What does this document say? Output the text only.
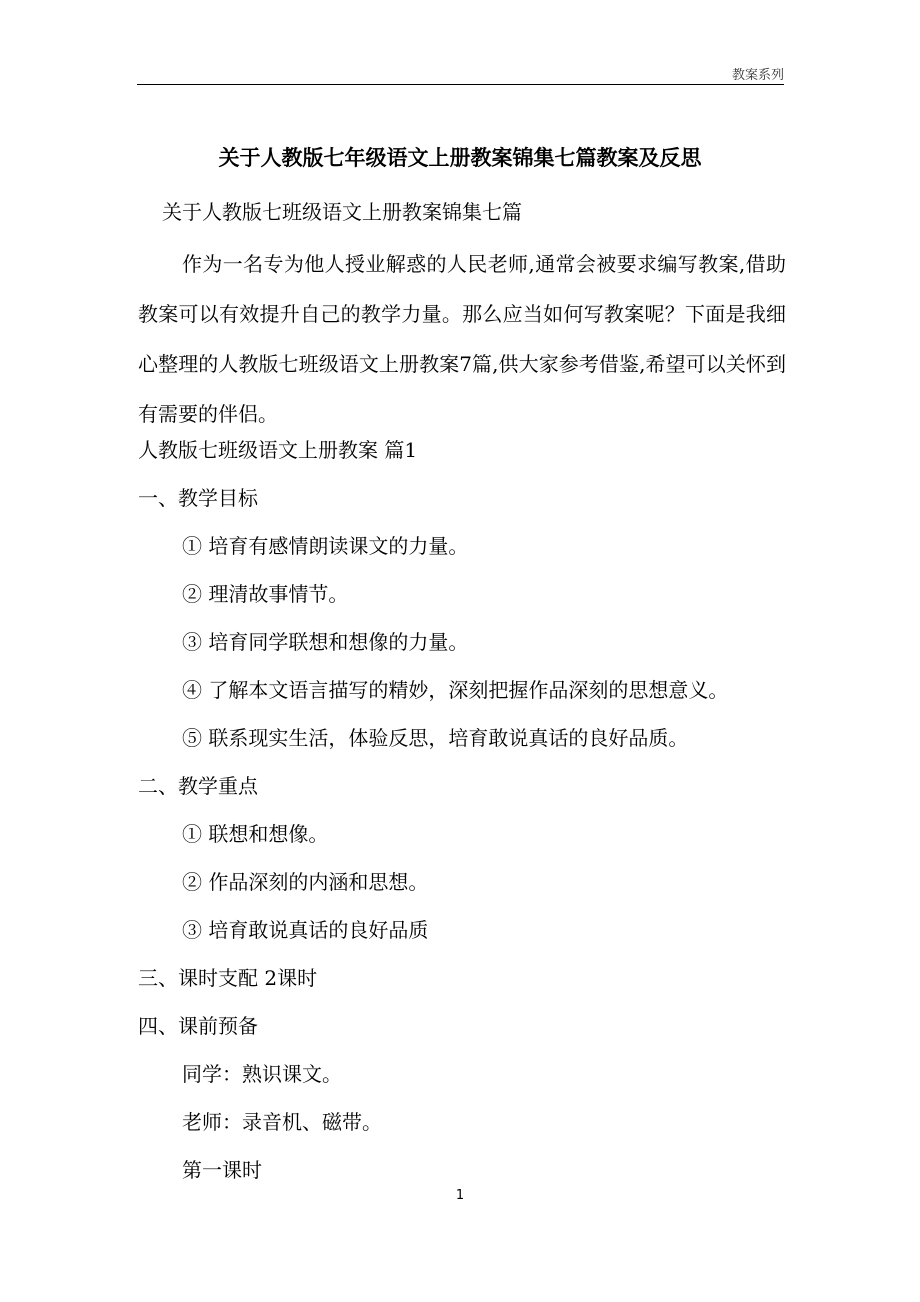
教案系列

关于人教版七年级语文上册教案锦集七篇教案及反思

关于人教版七班级语文上册教案锦集七篇

作为一名专为他人授业解惑的人民老师,通常会被要求编写教案,借助教案可以有效提升自己的教学力量。那么应当如何写教案呢？下面是我细心整理的人教版七班级语文上册教案7篇,供大家参考借鉴,希望可以关怀到有需要的伴侣。

人教版七班级语文上册教案 篇1

一、教学目标

① 培育有感情朗读课文的力量。

② 理清故事情节。

③ 培育同学联想和想像的力量。

④ 了解本文语言描写的精妙，深刻把握作品深刻的思想意义。

⑤ 联系现实生活，体验反思，培育敢说真话的良好品质。

二、教学重点

① 联想和想像。

② 作品深刻的内涵和思想。

③ 培育敢说真话的良好品质

三、课时支配 2课时

四、课前预备

同学：熟识课文。

老师：录音机、磁带。

第一课时

1
